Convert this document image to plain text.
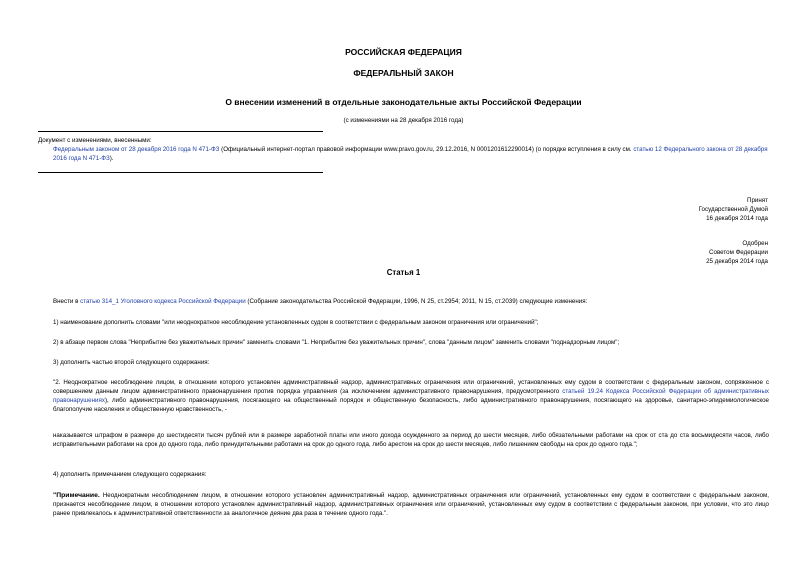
РОССИЙСКАЯ ФЕДЕРАЦИЯ
ФЕДЕРАЛЬНЫЙ ЗАКОН
О внесении изменений в отдельные законодательные акты Российской Федерации
(с изменениями на 28 декабря 2016 года)
Документ с изменениями, внесенными:
Федеральным законом от 28 декабря 2016 года N 471-ФЗ (Официальный интернет-портал правовой информации www.pravo.gov.ru, 29.12.2016, N 0001201612290014) (о порядке вступления в силу см. статью 12 Федерального закона от 28 декабря 2016 года N 471-ФЗ).
Принят
Государственной Думой
16 декабря 2014 года
Одобрен
Советом Федерации
25 декабря 2014 года
Статья 1
Внести в статью 314_1 Уголовного кодекса Российской Федерации (Собрание законодательства Российской Федерации, 1996, N 25, ст.2954; 2011, N 15, ст.2039) следующие изменения:
1) наименование дополнить словами "или неоднократное несоблюдение установленных судом в соответствии с федеральным законом ограничения или ограничений";
2) в абзаце первом слова "Неприбытие без уважительных причин" заменить словами "1. Неприбытие без уважительных причин", слова "данным лицом" заменить словами "поднадзорным лицом";
3) дополнить частью второй следующего содержания:
"2. Неоднократное несоблюдение лицом, в отношении которого установлен административный надзор, административных ограничения или ограничений, установленных ему судом в соответствии с федеральным законом, сопряженное с совершением данным лицом административного правонарушения против порядка управления (за исключением административного правонарушения, предусмотренного статьей 19.24 Кодекса Российской Федерации об административных правонарушениях), либо административного правонарушения, посягающего на общественный порядок и общественную безопасность, либо административного правонарушения, посягающего на здоровье, санитарно-эпидемиологическое благополучие населения и общественную нравственность, -
наказывается штрафом в размере до шестидесяти тысяч рублей или в размере заработной платы или иного дохода осужденного за период до шести месяцев, либо обязательными работами на срок от ста до ста восьмидесяти часов, либо исправительными работами на срок до одного года, либо принудительными работами на срок до одного года, либо арестом на срок до шести месяцев, либо лишением свободы на срок до одного года.";
4) дополнить примечанием следующего содержания:
"Примечание. Неоднократным несоблюдением лицом, в отношении которого установлен административный надзор, административных ограничения или ограничений, установленных ему судом в соответствии с федеральным законом, признается несоблюдение лицом, в отношении которого установлен административный надзор, административных ограничения или ограничений, установленных ему судом в соответствии с федеральным законом, при условии, что это лицо ранее привлекалось к административной ответственности за аналогичное деяние два раза в течение одного года.".
